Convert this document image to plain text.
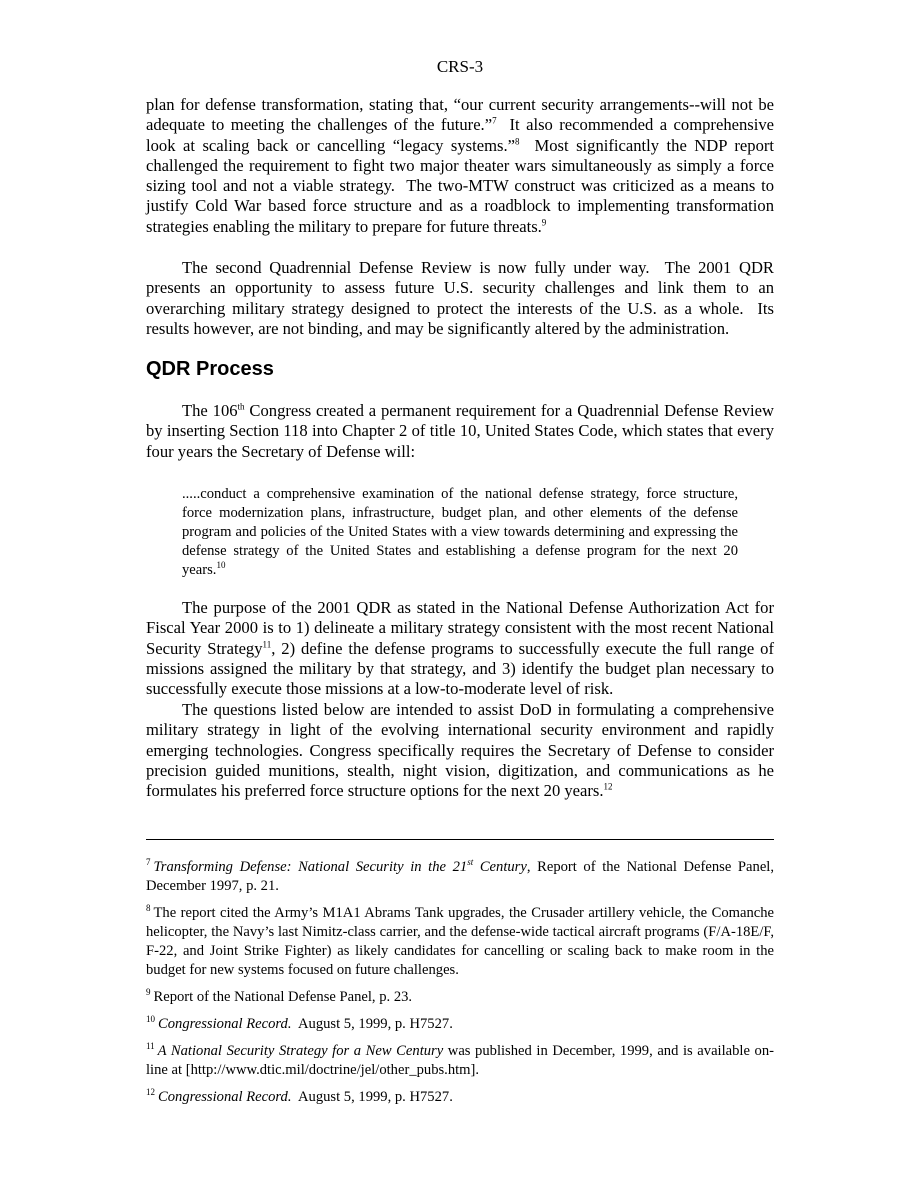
CRS-3

plan for defense transformation, stating that, “our current security arrangements--will not be adequate to meeting the challenges of the future.”$^7$  It also recommended a comprehensive look at scaling back or cancelling “legacy systems.”$^8$  Most significantly the NDP report challenged the requirement to fight two major theater wars simultaneously as simply a force sizing tool and not a viable strategy.  The two-MTW construct was criticized as a means to justify Cold War based force structure and as a roadblock to implementing transformation strategies enabling the military to prepare for future threats.$^9$

The second Quadrennial Defense Review is now fully under way.  The 2001 QDR presents an opportunity to assess future U.S. security challenges and link them to an overarching military strategy designed to protect the interests of the U.S. as a whole.  Its results however, are not binding, and may be significantly altered by the administration.

QDR Process

The 106th Congress created a permanent requirement for a Quadrennial Defense Review by inserting Section 118 into Chapter 2 of title 10, United States Code, which states that every four years the Secretary of Defense will:

.....conduct a comprehensive examination of the national defense strategy, force structure, force modernization plans, infrastructure, budget plan, and other elements of the defense program and policies of the United States with a view towards determining and expressing the defense strategy of the United States and establishing a defense program for the next 20 years.$^{10}$

The purpose of the 2001 QDR as stated in the National Defense Authorization Act for Fiscal Year 2000 is to 1) delineate a military strategy consistent with the most recent National Security Strategy$^{11}$, 2) define the defense programs to successfully execute the full range of missions assigned the military by that strategy, and 3) identify the budget plan necessary to successfully execute those missions at a low-to-moderate level of risk.

The questions listed below are intended to assist DoD in formulating a comprehensive military strategy in light of the evolving international security environment and rapidly emerging technologies. Congress specifically requires the Secretary of Defense to consider precision guided munitions, stealth, night vision, digitization, and communications as he formulates his preferred force structure options for the next 20 years.$^{12}$

$^7$ Transforming Defense: National Security in the 21st Century, Report of the National Defense Panel, December 1997, p. 21.

$^8$ The report cited the Army’s M1A1 Abrams Tank upgrades, the Crusader artillery vehicle, the Comanche helicopter, the Navy’s last Nimitz-class carrier, and the defense-wide tactical aircraft programs (F/A-18E/F, F-22, and Joint Strike Fighter) as likely candidates for cancelling or scaling back to make room in the budget for new systems focused on future challenges.

$^9$ Report of the National Defense Panel, p. 23.

$^{10}$ Congressional Record.  August 5, 1999, p. H7527.

$^{11}$ A National Security Strategy for a New Century was published in December, 1999, and is available on-line at [http://www.dtic.mil/doctrine/jel/other_pubs.htm].

$^{12}$ Congressional Record.  August 5, 1999, p. H7527.
